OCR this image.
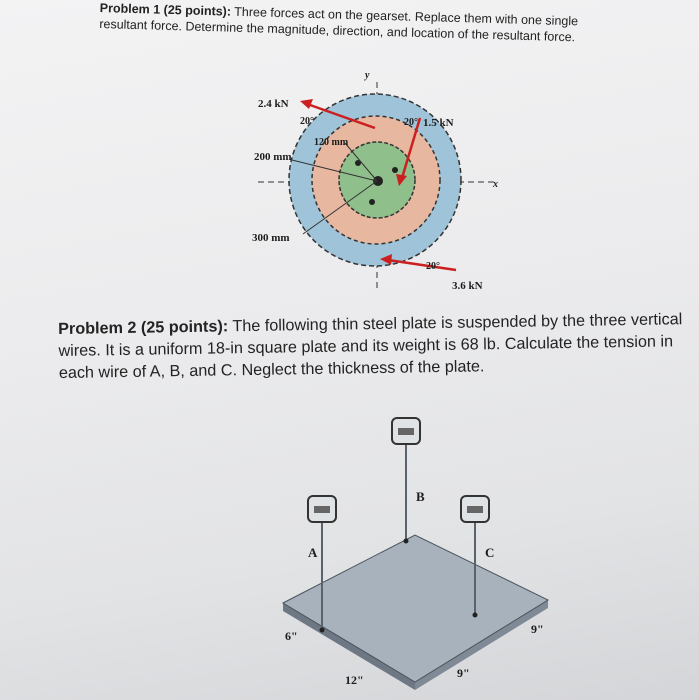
Problem 1 (25 points): Three forces act on the gearset. Replace them with one single resultant force. Determine the magnitude, direction, and location of the resultant force.
y
x
2.4 kN
20°	20° 1.5 kN
120 mm
200 mm
300 mm
20°
3.6 kN
Problem 2 (25 points): The following thin steel plate is suspended by the three vertical wires. It is a uniform 18-in square plate and its weight is 68 lb. Calculate the tension in each wire of A, B, and C. Neglect the thickness of the plate.
A
B
C
6"
12"	9"
9"
